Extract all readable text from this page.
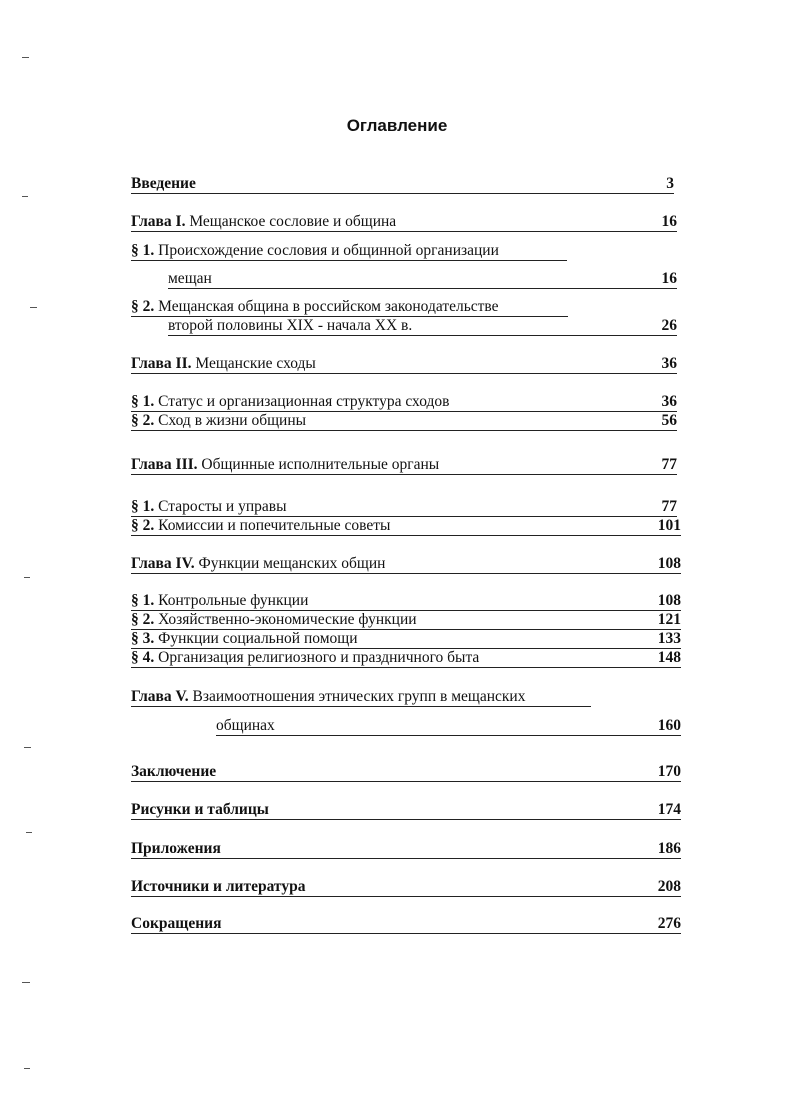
Оглавление
Введение	3
Глава I. Мещанское сословие и община	16
§ 1. Происхождение сословия и общинной организации
мещан	16
§ 2. Мещанская община в российском законодательстве
второй половины XIX - начала XX в.	26
Глава II. Мещанские сходы	36
§ 1. Статус и организационная структура сходов	36
§ 2. Сход в жизни общины	56
Глава III. Общинные исполнительные органы	77
§ 1. Старосты и управы	77
§ 2. Комиссии и попечительные советы	101
Глава IV. Функции мещанских общин	108
§ 1. Контрольные функции	108
§ 2. Хозяйственно-экономические функции	121
§ 3. Функции социальной помощи	133
§ 4. Организация религиозного и праздничного быта	148
Глава V. Взаимоотношения этнических групп в мещанских
общинах	160
Заключение	170
Рисунки и таблицы	174
Приложения	186
Источники и литература	208
Сокращения	276
